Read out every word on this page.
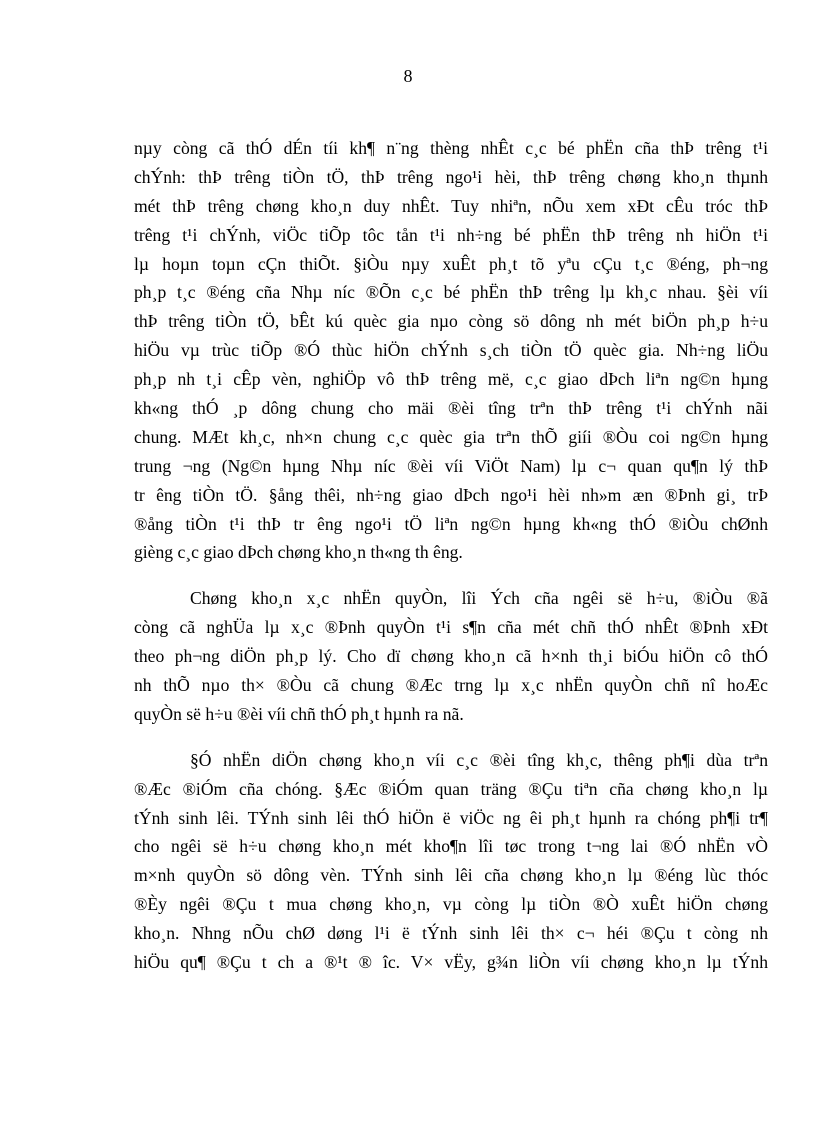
8

nµy còng cã thÓ dÉn tíi kh¶ n¨ng thèng nhÊt c¸c bé phËn cña thÞ trêng t¹i
chÝnh: thÞ trêng tiÒn tÖ, thÞ trêng ngo¹i hèi, thÞ trêng chøng kho¸n thµnh
mét thÞ trêng chøng kho¸n duy nhÊt. Tuy nhiªn, nÕu xem xÐt cÊu tróc thÞ
trêng t¹i chÝnh, viÖc tiÕp tôc tån t¹i nh÷ng bé phËn thÞ trêng nh hiÖn t¹i
lµ hoµn toµn cÇn thiÕt. §iÒu nµy xuÊt ph¸t tõ yªu cÇu t¸c ®éng, ph¬ng
ph¸p t¸c ®éng cña Nhµ níc ®Õn c¸c bé phËn thÞ trêng lµ kh¸c nhau. §èi víi
thÞ trêng tiÒn tÖ, bÊt kú quèc gia nµo còng sö dông nh mét biÖn ph¸p h÷u
hiÖu vµ trùc tiÕp ®Ó thùc hiÖn chÝnh s¸ch tiÒn tÖ quèc gia. Nh÷ng liÖu
ph¸p nh t¸i cÊp vèn, nghiÖp vô thÞ trêng më, c¸c giao dÞch liªn ng©n hµng
kh«ng thÓ ¸p dông chung cho mäi ®èi tîng trªn thÞ trêng t¹i chÝnh nãi
chung. MÆt kh¸c, nh×n chung c¸c quèc gia trªn thÕ giíi ®Òu coi ng©n hµng
trung ¬ng (Ng©n hµng Nhµ níc ®èi víi ViÖt Nam) lµ c¬ quan qu¶n lý thÞ
tr êng tiÒn tÖ. §ång thêi, nh÷ng giao dÞch ngo¹i hèi nh»m æn ®Þnh gi¸ trÞ
®ång tiÒn t¹i thÞ tr êng ngo¹i tÖ liªn ng©n hµng kh«ng thÓ ®iÒu chØnh
gièng c¸c giao dÞch chøng kho¸n th«ng th êng.

Chøng kho¸n x¸c nhËn quyÒn, lîi Ých cña ngêi së h÷u, ®iÒu ®ã
còng cã nghÜa lµ x¸c ®Þnh quyÒn t¹i s¶n cña mét chñ thÓ nhÊt ®Þnh xÐt
theo ph¬ng diÖn ph¸p lý. Cho dï chøng kho¸n cã h×nh th¸i biÓu hiÖn cô thÓ
nh thÕ nµo th× ®Òu cã chung ®Æc trng lµ x¸c nhËn quyÒn chñ nî hoÆc
quyÒn së h÷u ®èi víi chñ thÓ ph¸t hµnh ra nã.

§Ó nhËn diÖn chøng kho¸n víi c¸c ®èi tîng kh¸c, thêng ph¶i dùa trªn
®Æc ®iÓm cña chóng. §Æc ®iÓm quan träng ®Çu tiªn cña chøng kho¸n lµ
tÝnh sinh lêi. TÝnh sinh lêi thÓ hiÖn ë viÖc ng êi ph¸t hµnh ra chóng ph¶i tr¶
cho ngêi së h÷u chøng kho¸n mét kho¶n lîi tøc trong t¬ng lai ®Ó nhËn vÒ
m×nh quyÒn sö dông vèn. TÝnh sinh lêi cña chøng kho¸n lµ ®éng lùc thóc
®Èy ngêi ®Çu t mua chøng kho¸n, vµ còng lµ tiÒn ®Ò xuÊt hiÖn chøng
kho¸n. Nhng nÕu chØ døng l¹i ë tÝnh sinh lêi th× c¬ héi ®Çu t còng nh
hiÖu qu¶ ®Çu t ch a ®¹t ® îc. V× vËy, g¾n liÒn víi chøng kho¸n lµ tÝnh
